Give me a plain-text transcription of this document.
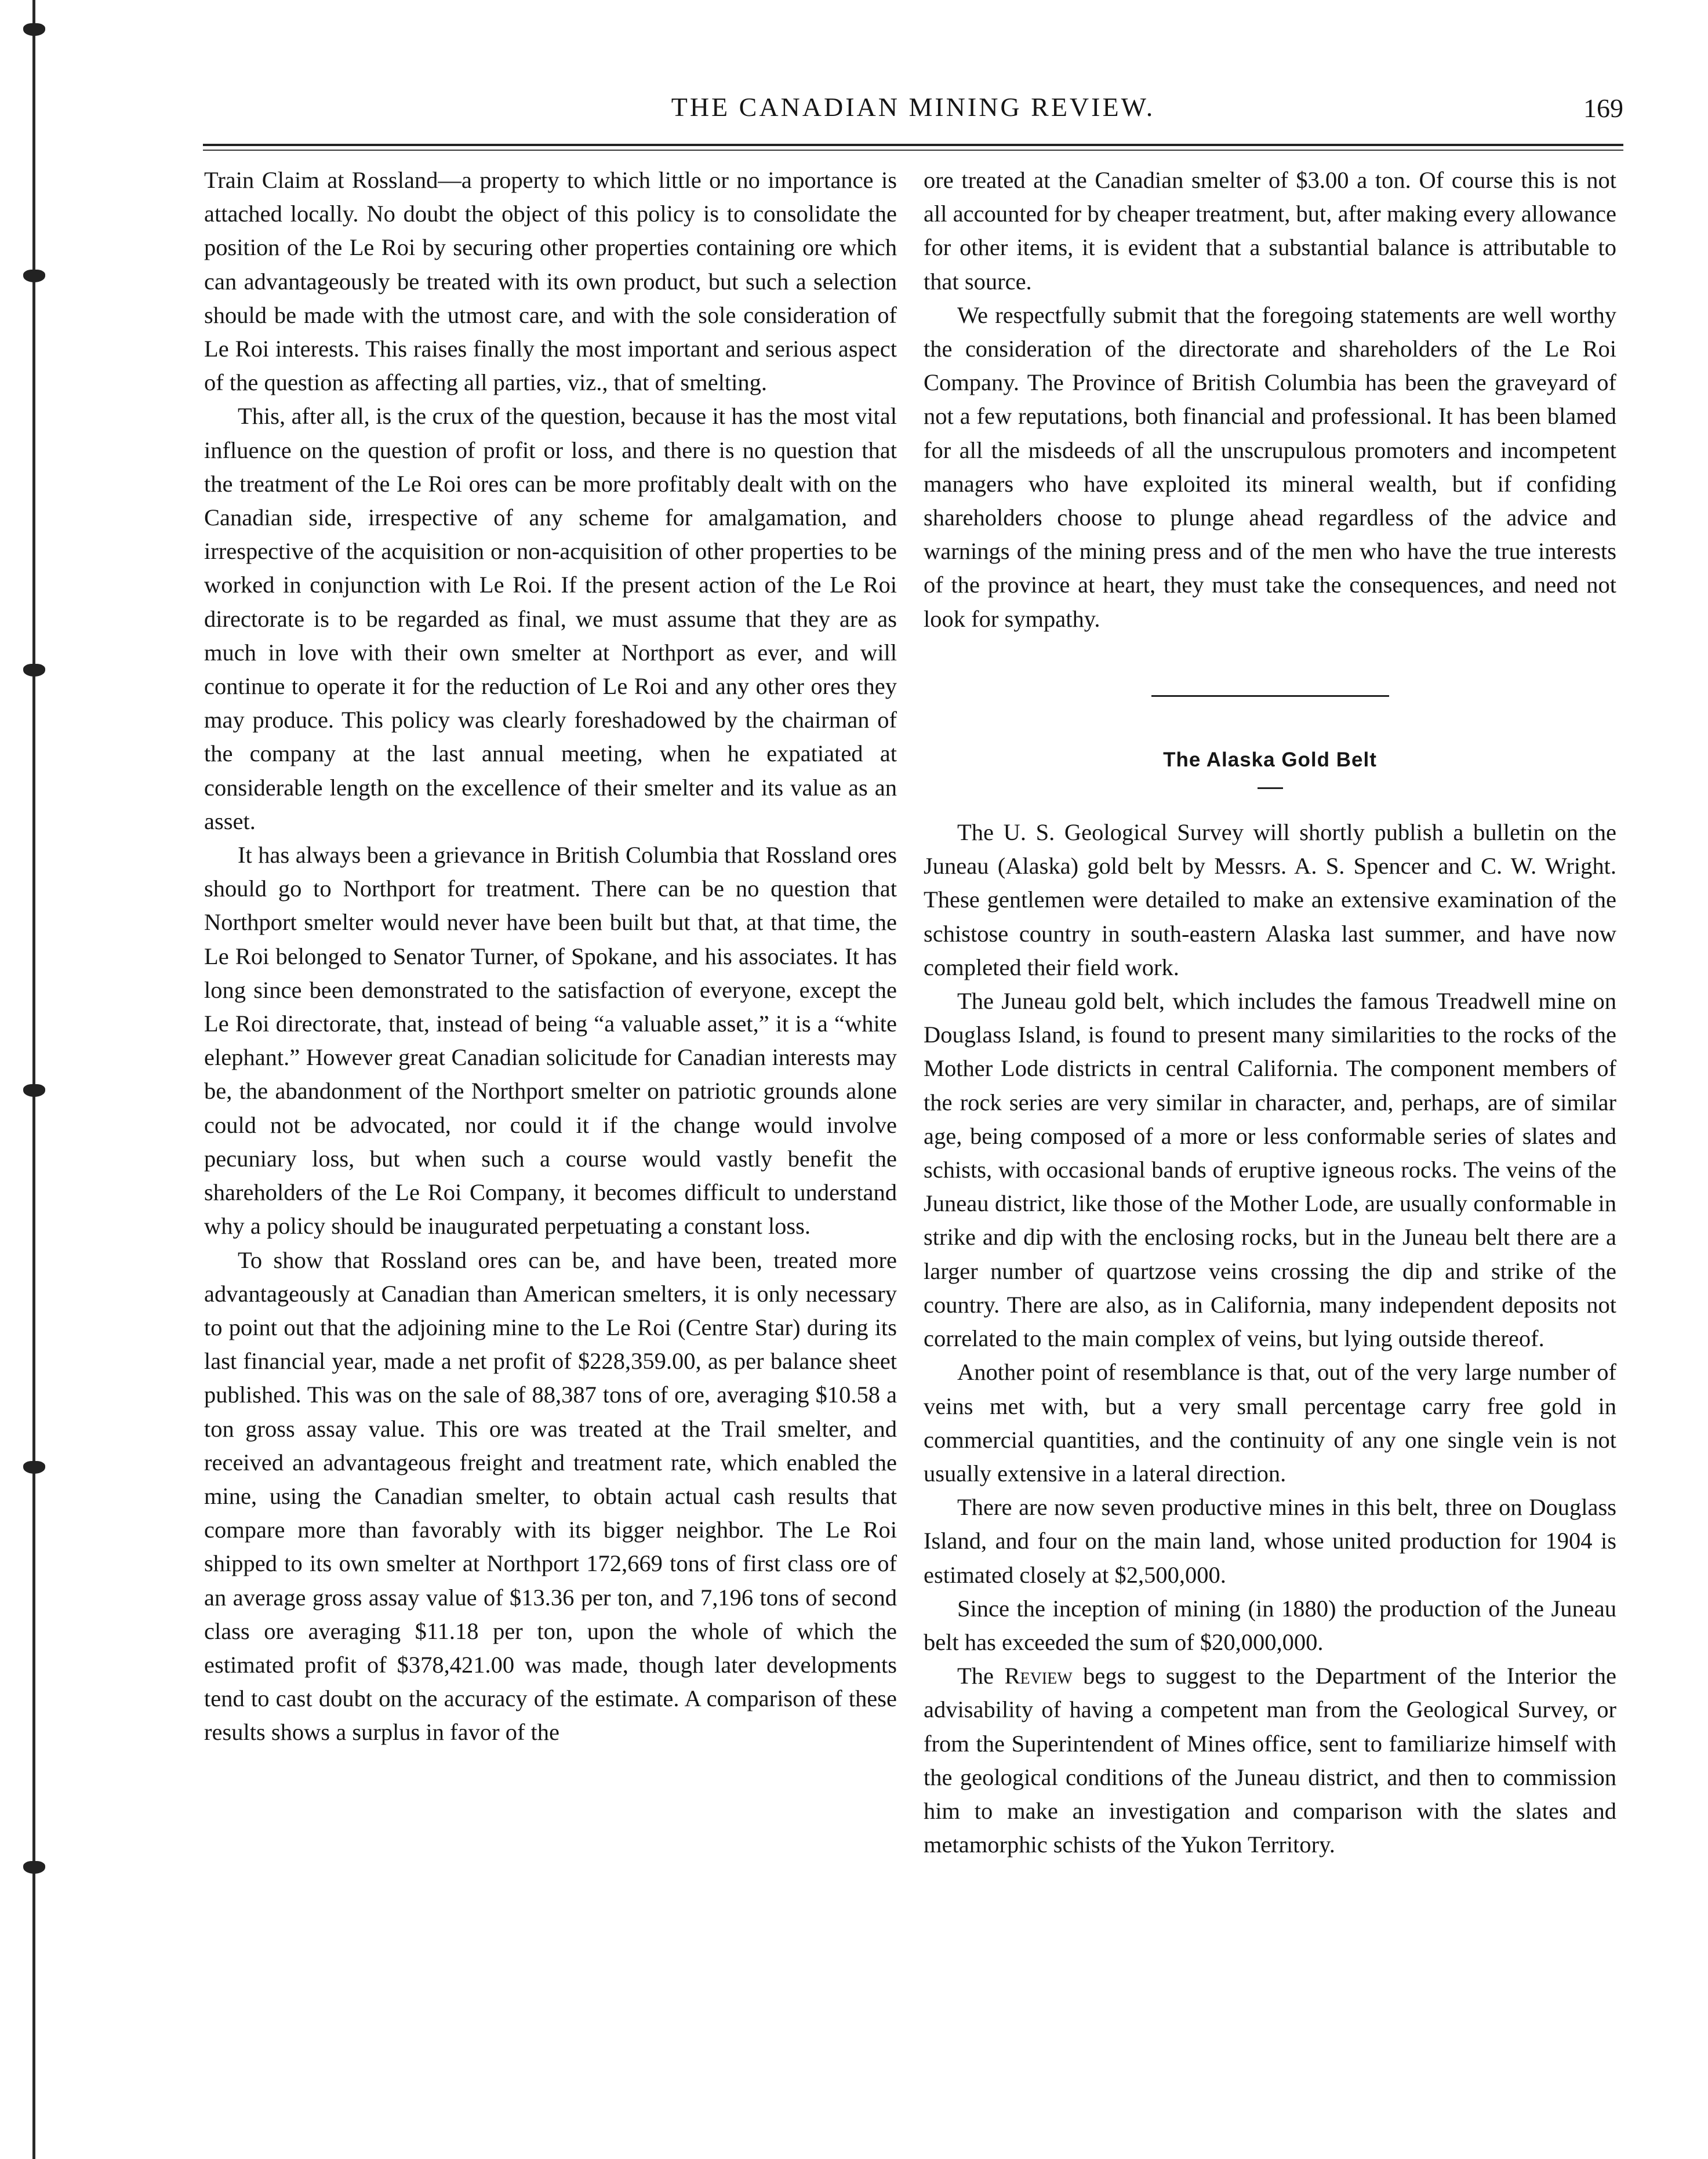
THE CANADIAN MINING REVIEW.	169

Train Claim at Rossland—a property to which little or no importance is attached locally. No doubt the object of this policy is to consolidate the position of the Le Roi by securing other properties containing ore which can advantageously be treated with its own product, but such a selection should be made with the utmost care, and with the sole consideration of Le Roi interests. This raises finally the most important and serious aspect of the question as affecting all parties, viz., that of smelting.

This, after all, is the crux of the question, because it has the most vital influence on the question of profit or loss, and there is no question that the treatment of the Le Roi ores can be more profitably dealt with on the Canadian side, irrespective of any scheme for amalgamation, and irrespective of the acquisition or non-acquisition of other properties to be worked in conjunction with Le Roi. If the present action of the Le Roi directorate is to be regarded as final, we must assume that they are as much in love with their own smelter at Northport as ever, and will continue to operate it for the reduction of Le Roi and any other ores they may produce. This policy was clearly foreshadowed by the chairman of the company at the last annual meeting, when he expatiated at considerable length on the excellence of their smelter and its value as an asset.

It has always been a grievance in British Columbia that Rossland ores should go to Northport for treatment. There can be no question that Northport smelter would never have been built but that, at that time, the Le Roi belonged to Senator Turner, of Spokane, and his associates. It has long since been demonstrated to the satisfaction of everyone, except the Le Roi directorate, that, instead of being “a valuable asset,” it is a “white elephant.” However great Canadian solicitude for Canadian interests may be, the abandonment of the Northport smelter on patriotic grounds alone could not be advocated, nor could it if the change would involve pecuniary loss, but when such a course would vastly benefit the shareholders of the Le Roi Company, it becomes difficult to understand why a policy should be inaugurated perpetuating a constant loss.

To show that Rossland ores can be, and have been, treated more advantageously at Canadian than American smelters, it is only necessary to point out that the adjoining mine to the Le Roi (Centre Star) during its last financial year, made a net profit of $228,359.00, as per balance sheet published. This was on the sale of 88,387 tons of ore, averaging $10.58 a ton gross assay value. This ore was treated at the Trail smelter, and received an advantageous freight and treatment rate, which enabled the mine, using the Canadian smelter, to obtain actual cash results that compare more than favorably with its bigger neighbor. The Le Roi shipped to its own smelter at Northport 172,669 tons of first class ore of an average gross assay value of $13.36 per ton, and 7,196 tons of second class ore averaging $11.18 per ton, upon the whole of which the estimated profit of $378,421.00 was made, though later developments tend to cast doubt on the accuracy of the estimate. A comparison of these results shows a surplus in favor of the

ore treated at the Canadian smelter of $3.00 a ton. Of course this is not all accounted for by cheaper treatment, but, after making every allowance for other items, it is evident that a substantial balance is attributable to that source.

We respectfully submit that the foregoing statements are well worthy the consideration of the directorate and shareholders of the Le Roi Company. The Province of British Columbia has been the graveyard of not a few reputations, both financial and professional. It has been blamed for all the misdeeds of all the unscrupulous promoters and incompetent managers who have exploited its mineral wealth, but if confiding shareholders choose to plunge ahead regardless of the advice and warnings of the mining press and of the men who have the true interests of the province at heart, they must take the consequences, and need not look for sympathy.

The Alaska Gold Belt

The U. S. Geological Survey will shortly publish a bulletin on the Juneau (Alaska) gold belt by Messrs. A. S. Spencer and C. W. Wright. These gentlemen were detailed to make an extensive examination of the schistose country in south-eastern Alaska last summer, and have now completed their field work.

The Juneau gold belt, which includes the famous Treadwell mine on Douglass Island, is found to present many similarities to the rocks of the Mother Lode districts in central California. The component members of the rock series are very similar in character, and, perhaps, are of similar age, being composed of a more or less conformable series of slates and schists, with occasional bands of eruptive igneous rocks. The veins of the Juneau district, like those of the Mother Lode, are usually conformable in strike and dip with the enclosing rocks, but in the Juneau belt there are a larger number of quartzose veins crossing the dip and strike of the country. There are also, as in California, many independent deposits not correlated to the main complex of veins, but lying outside thereof.

Another point of resemblance is that, out of the very large number of veins met with, but a very small percentage carry free gold in commercial quantities, and the continuity of any one single vein is not usually extensive in a lateral direction.

There are now seven productive mines in this belt, three on Douglass Island, and four on the main land, whose united production for 1904 is estimated closely at $2,500,000.

Since the inception of mining (in 1880) the production of the Juneau belt has exceeded the sum of $20,000,000.

The Review begs to suggest to the Department of the Interior the advisability of having a competent man from the Geological Survey, or from the Superintendent of Mines office, sent to familiarize himself with the geological conditions of the Juneau district, and then to commission him to make an investigation and comparison with the slates and metamorphic schists of the Yukon Territory.
